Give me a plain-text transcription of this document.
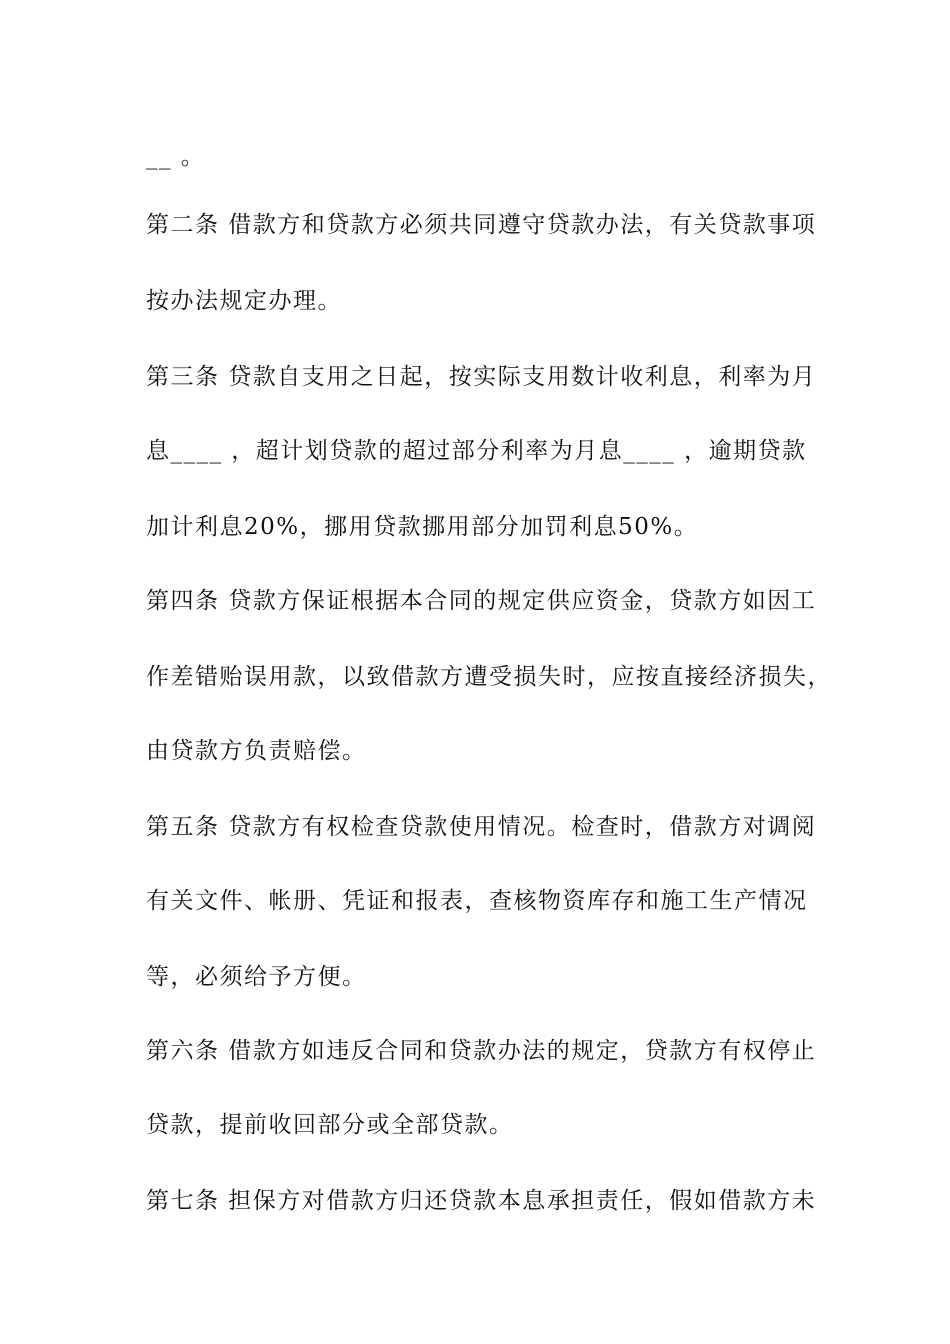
__ 。
第二条 借款方和贷款方必须共同遵守贷款办法，有关贷款事项
按办法规定办理。
第三条 贷款自支用之日起，按实际支用数计收利息，利率为月
息____ ，超计划贷款的超过部分利率为月息____ ，逾期贷款
加计利息20%，挪用贷款挪用部分加罚利息50%。
第四条 贷款方保证根据本合同的规定供应资金，贷款方如因工
作差错贻误用款，以致借款方遭受损失时，应按直接经济损失，
由贷款方负责赔偿。
第五条 贷款方有权检查贷款使用情况。检查时，借款方对调阅
有关文件、帐册、凭证和报表，查核物资库存和施工生产情况
等，必须给予方便。
第六条 借款方如违反合同和贷款办法的规定，贷款方有权停止
贷款，提前收回部分或全部贷款。
第七条 担保方对借款方归还贷款本息承担责任，假如借款方未
